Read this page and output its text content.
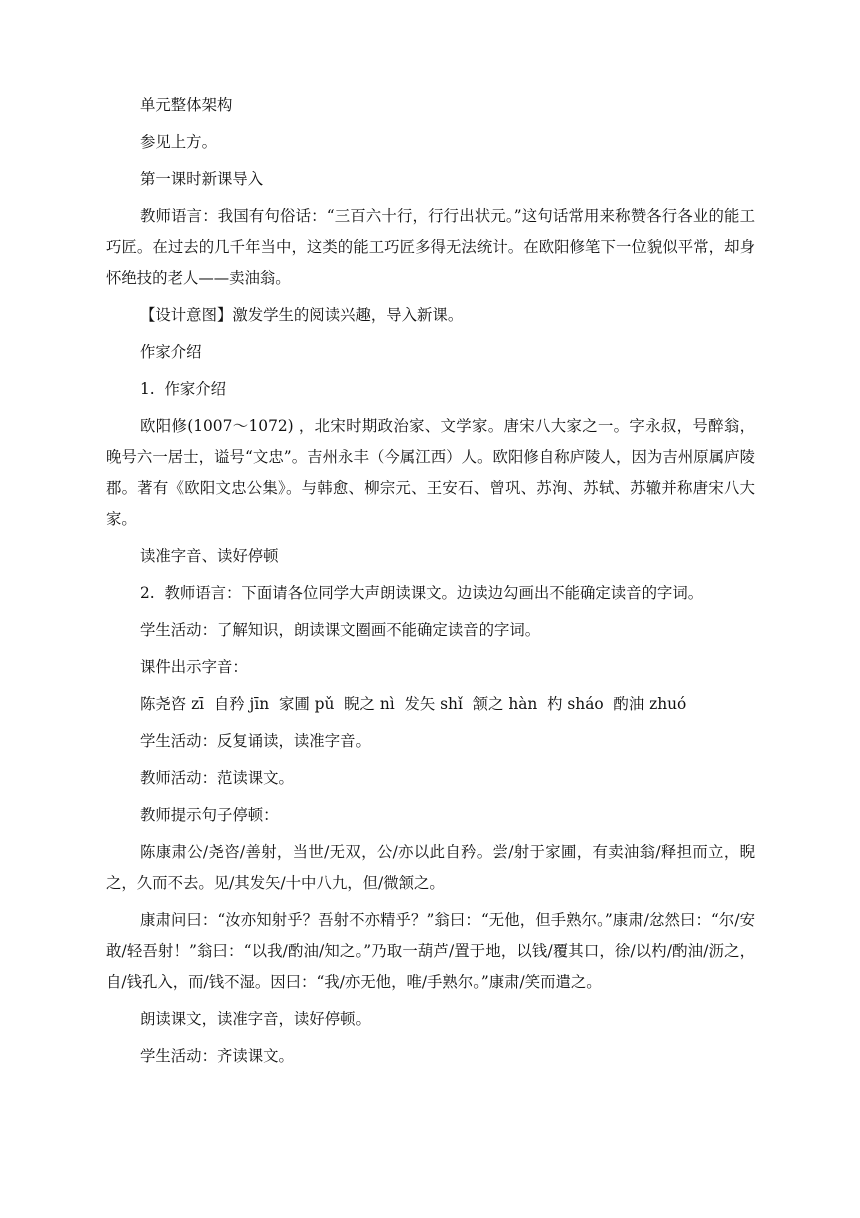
单元整体架构

参见上方。

第一课时新课导入

教师语言：我国有句俗话：“三百六十行，行行出状元。”这句话常用来称赞各行各业的能工巧匠。在过去的几千年当中，这类的能工巧匠多得无法统计。在欧阳修笔下一位貌似平常，却身怀绝技的老人——卖油翁。

【设计意图】激发学生的阅读兴趣，导入新课。

作家介绍

1.  作家介绍

欧阳修(1007～1072) ，北宋时期政治家、文学家。唐宋八大家之一。字永叔，号醉翁，晚号六一居士，谥号“文忠”。吉州永丰（今属江西）人。欧阳修自称庐陵人，因为吉州原属庐陵郡。著有《欧阳文忠公集》。与韩愈、柳宗元、王安石、曾巩、苏洵、苏轼、苏辙并称唐宋八大家。

读准字音、读好停顿

2.  教师语言：下面请各位同学大声朗读课文。边读边勾画出不能确定读音的字词。

学生活动：了解知识，朗读课文圈画不能确定读音的字词。

课件出示字音：

陈尧咨 zī  自矜 jīn  家圃 pǔ  睨之 nì  发矢 shǐ  颔之 hàn  杓 sháo  酌油 zhuó

学生活动：反复诵读，读准字音。

教师活动：范读课文。

教师提示句子停顿：

陈康肃公/尧咨/善射，当世/无双，公/亦以此自矜。尝/射于家圃，有卖油翁/释担而立，睨之，久而不去。见/其发矢/十中八九，但/微颔之。

康肃问曰：“汝亦知射乎？吾射不亦精乎？”翁曰：“无他，但手熟尔。”康肃/忿然曰：“尔/安敢/轻吾射！”翁曰：“以我/酌油/知之。”乃取一葫芦/置于地，以钱/覆其口，徐/以杓/酌油/沥之，自/钱孔入，而/钱不湿。因曰：“我/亦无他，唯/手熟尔。”康肃/笑而遣之。

朗读课文，读准字音，读好停顿。

学生活动：齐读课文。
